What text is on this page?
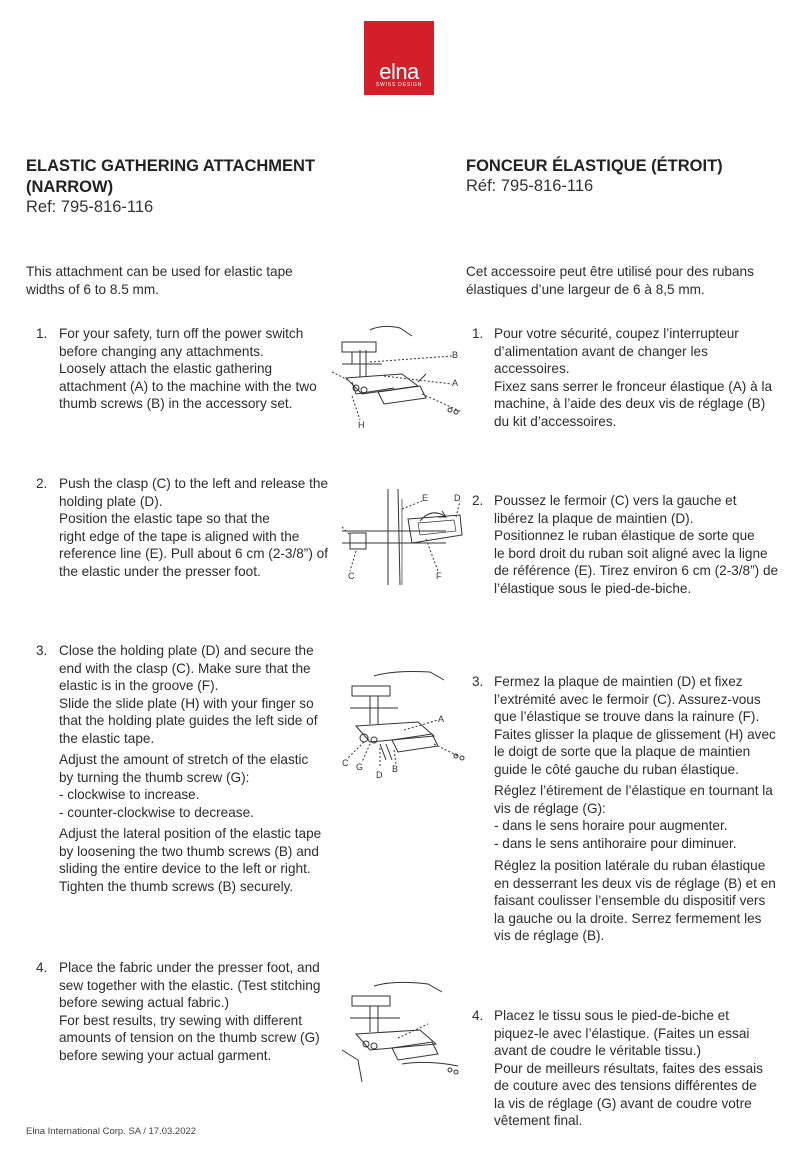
elna
SWISS DESIGN
ELASTIC GATHERING ATTACHMENT
(NARROW)
Ref: 795-816-116
This attachment can be used for elastic tape
widths of 6 to 8.5 mm.
FONCEUR ÉLASTIQUE (ÉTROIT)
Réf: 795-816-116
Cet accessoire peut être utilisé pour des rubans
élastiques d’une largeur de 6 à 8,5 mm.
1. For your safety, turn off the power switch
before changing any attachments.
Loosely attach the elastic gathering
attachment (A) to the machine with the two
thumb screws (B) in the accessory set.
2. Push the clasp (C) to the left and release the
holding plate (D).
Position the elastic tape so that the
right edge of the tape is aligned with the
reference line (E). Pull about 6 cm (2-3/8”) of
the elastic under the presser foot.
3. Close the holding plate (D) and secure the
end with the clasp (C). Make sure that the
elastic is in the groove (F).
Slide the slide plate (H) with your finger so
that the holding plate guides the left side of
the elastic tape.
Adjust the amount of stretch of the elastic
by turning the thumb screw (G):
- clockwise to increase.
- counter-clockwise to decrease.
Adjust the lateral position of the elastic tape
by loosening the two thumb screws (B) and
sliding the entire device to the left or right.
Tighten the thumb screws (B) securely.
4. Place the fabric under the presser foot, and
sew together with the elastic. (Test stitching
before sewing actual fabric.)
For best results, try sewing with different
amounts of tension on the thumb screw (G)
before sewing your actual garment.
1. Pour votre sécurité, coupez l’interrupteur
d’alimentation avant de changer les
accessoires.
Fixez sans serrer le fronceur élastique (A) à la
machine, à l’aide des deux vis de réglage (B)
du kit d’accessoires.
2. Poussez le fermoir (C) vers la gauche et
libérez la plaque de maintien (D).
Positionnez le ruban élastique de sorte que
le bord droit du ruban soit aligné avec la ligne
de référence (E). Tirez environ 6 cm (2-3/8”) de
l’élastique sous le pied-de-biche.
3. Fermez la plaque de maintien (D) et fixez
l’extrémité avec le fermoir (C). Assurez-vous
que l’élastique se trouve dans la rainure (F).
Faites glisser la plaque de glissement (H) avec
le doigt de sorte que la plaque de maintien
guide le côté gauche du ruban élastique.
Réglez l’étirement de l’élastique en tournant la
vis de réglage (G):
- dans le sens horaire pour augmenter.
- dans le sens antihoraire pour diminuer.
Réglez la position latérale du ruban élastique
en desserrant les deux vis de réglage (B) et en
faisant coulisser l’ensemble du dispositif vers
la gauche ou la droite. Serrez fermement les
vis de réglage (B).
4. Placez le tissu sous le pied-de-biche et
piquez-le avec l’élastique. (Faites un essai
avant de coudre le véritable tissu.)
Pour de meilleurs résultats, faites des essais
de couture avec des tensions différentes de
la vis de réglage (G) avant de coudre votre
vêtement final.
B
A
H
E	D
C	F
A
C G
D
B
Elna International Corp. SA / 17.03.2022
